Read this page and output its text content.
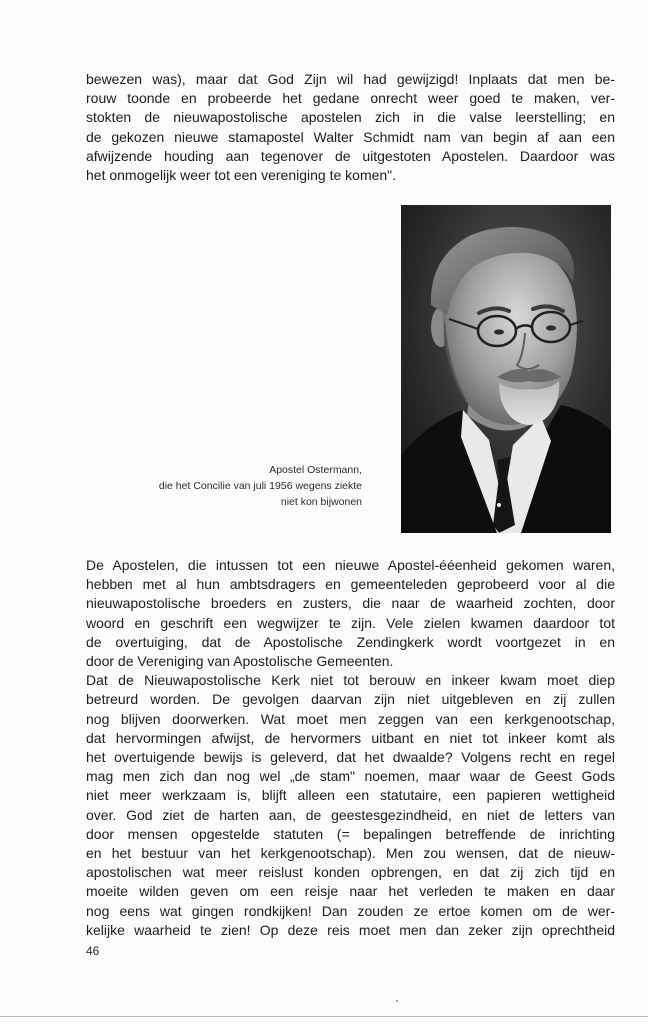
bewezen was), maar dat God Zijn wil had gewijzigd! Inplaats dat men be-
rouw toonde en probeerde het gedane onrecht weer goed te maken, ver-
stokten de nieuwapostolische apostelen zich in die valse leerstelling; en
de gekozen nieuwe stamapostel Walter Schmidt nam van begin af aan een
afwijzende houding aan tegenover de uitgestoten Apostelen. Daardoor was
het onmogelijk weer tot een vereniging te komen".
Apostel Ostermann,
die het Concilie van juli 1956 wegens ziekte
niet kon bijwonen
De Apostelen, die intussen tot een nieuwe Apostel-ééenheid gekomen waren,
hebben met al hun ambtsdragers en gemeenteleden geprobeerd voor al die
nieuwapostolische broeders en zusters, die naar de waarheid zochten, door
woord en geschrift een wegwijzer te zijn. Vele zielen kwamen daardoor tot
de overtuiging, dat de Apostolische Zendingkerk wordt voortgezet in en
door de Vereniging van Apostolische Gemeenten.
Dat de Nieuwapostolische Kerk niet tot berouw en inkeer kwam moet diep
betreurd worden. De gevolgen daarvan zijn niet uitgebleven en zij zullen
nog blijven doorwerken. Wat moet men zeggen van een kerkgenootschap,
dat hervormingen afwijst, de hervormers uitbant en niet tot inkeer komt als
het overtuigende bewijs is geleverd, dat het dwaalde? Volgens recht en regel
mag men zich dan nog wel „de stam" noemen, maar waar de Geest Gods
niet meer werkzaam is, blijft alleen een statutaire, een papieren wettigheid
over. God ziet de harten aan, de geestesgezindheid, en niet de letters van
door mensen opgestelde statuten (= bepalingen betreffende de inrichting
en het bestuur van het kerkgenootschap). Men zou wensen, dat de nieuw-
apostolischen wat meer reislust konden opbrengen, en dat zij zich tijd en
moeite wilden geven om een reisje naar het verleden te maken en daar
nog eens wat gingen rondkijken! Dan zouden ze ertoe komen om de wer-
kelijke waarheid te zien! Op deze reis moet men dan zeker zijn oprechtheid
46
